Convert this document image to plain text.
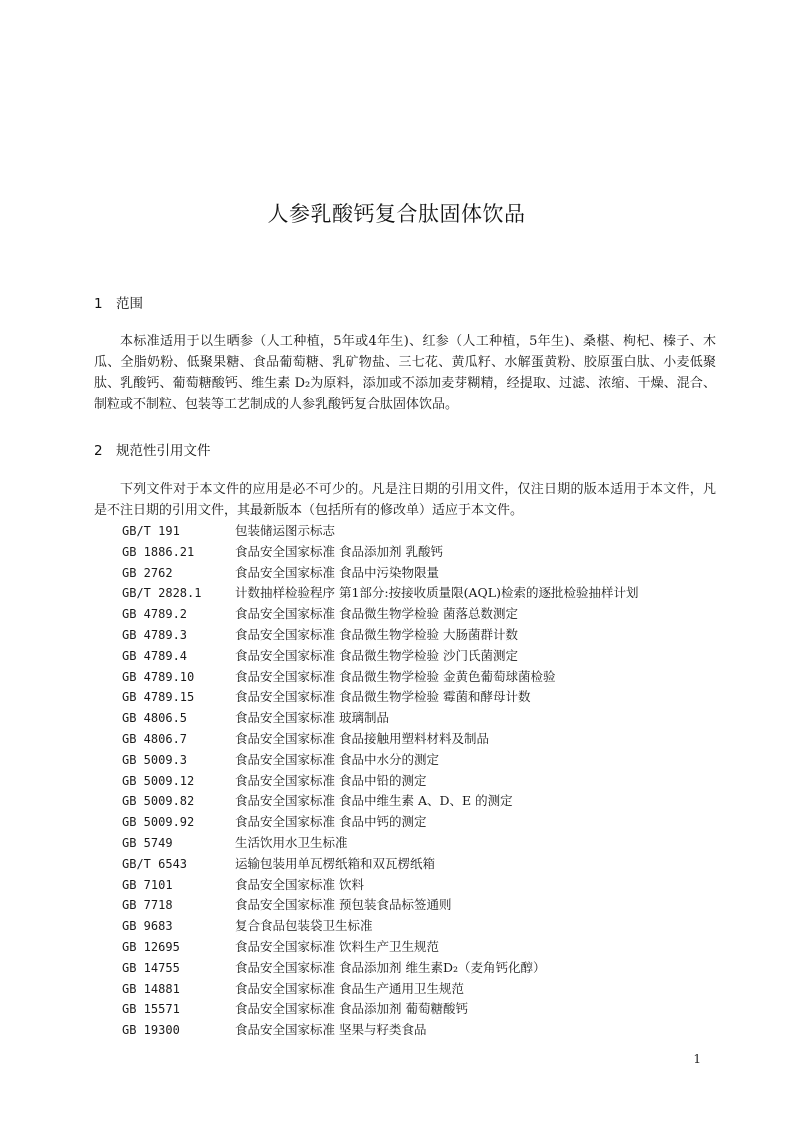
人参乳酸钙复合肽固体饮品
1 范围

本标准适用于以生晒参（人工种植，5年或4年生)、红参（人工种植，5年生)、桑椹、枸杞、榛子、木瓜、全脂奶粉、低聚果糖、食品葡萄糖、乳矿物盐、三七花、黄瓜籽、水解蛋黄粉、胶原蛋白肽、小麦低聚肽、乳酸钙、葡萄糖酸钙、维生素 D₂为原料，添加或不添加麦芽糊精，经提取、过滤、浓缩、干燥、混合、制粒或不制粒、包装等工艺制成的人参乳酸钙复合肽固体饮品。

2 规范性引用文件

下列文件对于本文件的应用是必不可少的。凡是注日期的引用文件，仅注日期的版本适用于本文件，凡是不注日期的引用文件，其最新版本（包括所有的修改单）适应于本文件。

GB/T 191	包装储运图示标志
GB 1886.21	食品安全国家标准 食品添加剂 乳酸钙
GB 2762	食品安全国家标准 食品中污染物限量
GB/T 2828.1	计数抽样检验程序 第1部分:按接收质量限(AQL)检索的逐批检验抽样计划
GB 4789.2	食品安全国家标准 食品微生物学检验 菌落总数测定
GB 4789.3	食品安全国家标准 食品微生物学检验 大肠菌群计数
GB 4789.4	食品安全国家标准 食品微生物学检验 沙门氏菌测定
GB 4789.10	食品安全国家标准 食品微生物学检验 金黄色葡萄球菌检验
GB 4789.15	食品安全国家标准 食品微生物学检验 霉菌和酵母计数
GB 4806.5	食品安全国家标准 玻璃制品
GB 4806.7	食品安全国家标准 食品接触用塑料材料及制品
GB 5009.3	食品安全国家标准 食品中水分的测定
GB 5009.12	食品安全国家标准 食品中铅的测定
GB 5009.82	食品安全国家标准 食品中维生素 A、D、E 的测定
GB 5009.92	食品安全国家标准 食品中钙的测定
GB 5749	生活饮用水卫生标准
GB/T 6543	运输包装用单瓦楞纸箱和双瓦楞纸箱
GB 7101	食品安全国家标准 饮料
GB 7718	食品安全国家标准 预包装食品标签通则
GB 9683	复合食品包装袋卫生标准
GB 12695	食品安全国家标准 饮料生产卫生规范
GB 14755	食品安全国家标准 食品添加剂 维生素D₂（麦角钙化醇）
GB 14881	食品安全国家标准 食品生产通用卫生规范
GB 15571	食品安全国家标准 食品添加剂 葡萄糖酸钙
GB 19300	食品安全国家标准 坚果与籽类食品
1
